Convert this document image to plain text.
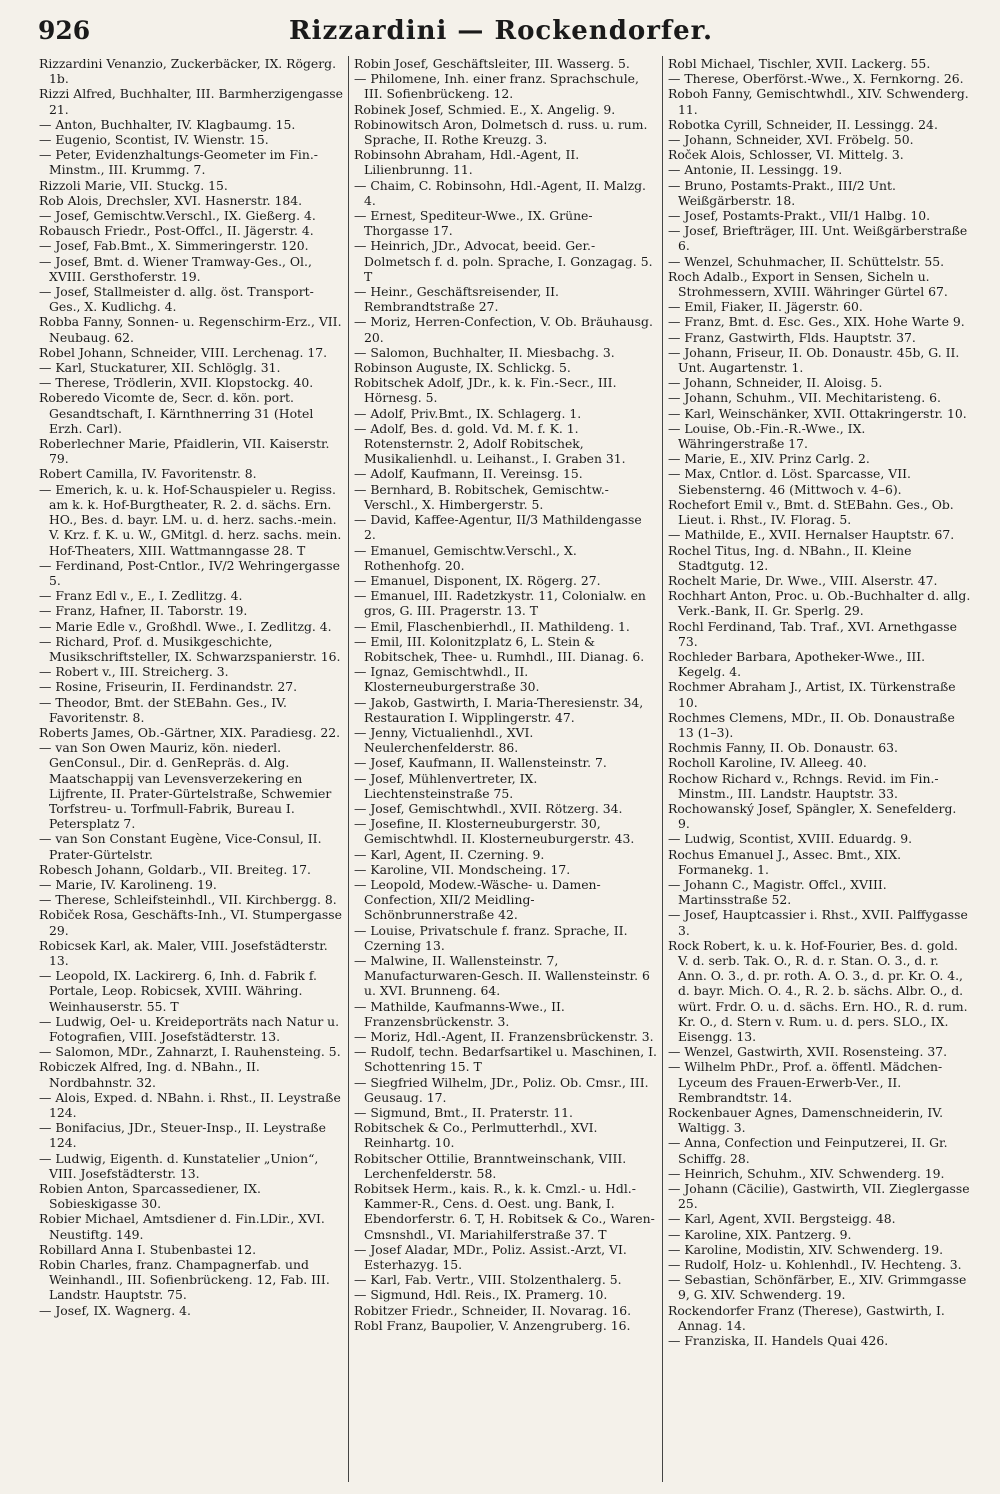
926	Rizzardini — Rockendorfer.

Rizzardini Venanzio, Zuckerbäcker, IX. Rögerg. 1b.

Rizzi Alfred, Buchhalter, III. Barmherzigengasse 21.

— Anton, Buchhalter, IV. Klagbaumg. 15.

— Eugenio, Scontist, IV. Wienstr. 15.

— Peter, Evidenzhaltungs-Geometer im Fin.-Minstm., III. Krummg. 7.

Rizzoli Marie, VII. Stuckg. 15.

Rob Alois, Drechsler, XVI. Hasnerstr. 184.

— Josef, Gemischtw.Verschl., IX. Gießerg. 4.

Robausch Friedr., Post-Offcl., II. Jägerstr. 4.

— Josef, Fab.Bmt., X. Simmeringerstr. 120.

— Josef, Bmt. d. Wiener Tramway-Ges., Ol., XVIII. Gersthoferstr. 19.

— Josef, Stallmeister d. allg. öst. Transport-Ges., X. Kudlichg. 4.

Robba Fanny, Sonnen- u. Regenschirm-Erz., VII. Neubaug. 62.

Robel Johann, Schneider, VIII. Lerchenag. 17.

— Karl, Stuckaturer, XII. Schlöglg. 31.

— Therese, Trödlerin, XVII. Klopstockg. 40.

Roberedo Vicomte de, Secr. d. kön. port. Gesandtschaft, I. Kärnthnerring 31 (Hotel Erzh. Carl).

Roberlechner Marie, Pfaidlerin, VII. Kaiserstr. 79.

Robert Camilla, IV. Favoritenstr. 8.

— Emerich, k. u. k. Hof-Schauspieler u. Regiss. am k. k. Hof-Burgtheater, R. 2. d. sächs. Ern. HO., Bes. d. bayr. LM. u. d. herz. sachs.-mein. V. Krz. f. K. u. W., GMitgl. d. herz. sachs. mein. Hof-Theaters, XIII. Wattmanngasse 28. T

— Ferdinand, Post-Cntlor., IV/2 Wehringergasse 5.

— Franz Edl v., E., I. Zedlitzg. 4.

— Franz, Hafner, II. Taborstr. 19.

— Marie Edle v., Großhdl. Wwe., I. Zedlitzg. 4.

— Richard, Prof. d. Musikgeschichte, Musikschriftsteller, IX. Schwarzspanierstr. 16.

— Robert v., III. Streicherg. 3.

— Rosine, Friseurin, II. Ferdinandstr. 27.

— Theodor, Bmt. der StEBahn. Ges., IV. Favoritenstr. 8.

Roberts James, Ob.-Gärtner, XIX. Paradiesg. 22.

— van Son Owen Mauriz, kön. niederl. GenConsul., Dir. d. GenRepräs. d. Alg. Maatschappij van Levensverzekering en Lijfrente, II. Prater-Gürtelstraße, Schwemier Torfstreu- u. Torfmull-Fabrik, Bureau I. Petersplatz 7.

— van Son Constant Eugène, Vice-Consul, II. Prater-Gürtelstr.

Robesch Johann, Goldarb., VII. Breiteg. 17.

— Marie, IV. Karolineng. 19.

— Therese, Schleifsteinhdl., VII. Kirchbergg. 8.

Robiček Rosa, Geschäfts-Inh., VI. Stumpergasse 29.

Robicsek Karl, ak. Maler, VIII. Josefstädterstr. 13.

— Leopold, IX. Lackirerg. 6, Inh. d. Fabrik f. Portale, Leop. Robicsek, XVIII. Währing. Weinhauserstr. 55. T

— Ludwig, Oel- u. Kreideporträts nach Natur u. Fotografien, VIII. Josefstädterstr. 13.

— Salomon, MDr., Zahnarzt, I. Rauhensteing. 5.

Robiczek Alfred, Ing. d. NBahn., II. Nordbahnstr. 32.

— Alois, Exped. d. NBahn. i. Rhst., II. Leystraße 124.

— Bonifacius, JDr., Steuer-Insp., II. Leystraße 124.

— Ludwig, Eigenth. d. Kunstatelier „Union“, VIII. Josefstädterstr. 13.

Robien Anton, Sparcassediener, IX. Sobieskigasse 30.

Robier Michael, Amtsdiener d. Fin.LDir., XVI. Neustiftg. 149.

Robillard Anna I. Stubenbastei 12.

Robin Charles, franz. Champagnerfab. und Weinhandl., III. Sofienbrückeng. 12, Fab. III. Landstr. Hauptstr. 75.

— Josef, IX. Wagnerg. 4.

Robin Josef, Geschäftsleiter, III. Wasserg. 5.

— Philomene, Inh. einer franz. Sprachschule, III. Sofienbrückeng. 12.

Robinek Josef, Schmied. E., X. Angelig. 9.

Robinowitsch Aron, Dolmetsch d. russ. u. rum. Sprache, II. Rothe Kreuzg. 3.

Robinsohn Abraham, Hdl.-Agent, II. Lilienbrunng. 11.

— Chaim, C. Robinsohn, Hdl.-Agent, II. Malzg. 4.

— Ernest, Spediteur-Wwe., IX. Grüne-Thorgasse 17.

— Heinrich, JDr., Advocat, beeid. Ger.-Dolmetsch f. d. poln. Sprache, I. Gonzagag. 5. T

— Heinr., Geschäftsreisender, II. Rembrandtstraße 27.

— Moriz, Herren-Confection, V. Ob. Bräuhausg. 20.

— Salomon, Buchhalter, II. Miesbachg. 3.

Robinson Auguste, IX. Schlickg. 5.

Robitschek Adolf, JDr., k. k. Fin.-Secr., III. Hörnesg. 5.

— Adolf, Priv.Bmt., IX. Schlagerg. 1.

— Adolf, Bes. d. gold. Vd. M. f. K. 1. Rotensternstr. 2, Adolf Robitschek, Musikalienhdl. u. Leihanst., I. Graben 31.

— Adolf, Kaufmann, II. Vereinsg. 15.

— Bernhard, B. Robitschek, Gemischtw.-Verschl., X. Himbergerstr. 5.

— David, Kaffee-Agentur, II/3 Mathildengasse 2.

— Emanuel, Gemischtw.Verschl., X. Rothenhofg. 20.

— Emanuel, Disponent, IX. Rögerg. 27.

— Emanuel, III. Radetzkystr. 11, Colonialw. en gros, G. III. Pragerstr. 13. T

— Emil, Flaschenbierhdl., II. Mathildeng. 1.

— Emil, III. Kolonitzplatz 6, L. Stein & Robitschek, Thee- u. Rumhdl., III. Dianag. 6.

— Ignaz, Gemischtwhdl., II. Klosterneuburgerstraße 30.

— Jakob, Gastwirth, I. Maria-Theresienstr. 34, Restauration I. Wipplingerstr. 47.

— Jenny, Victualienhdl., XVI. Neulerchenfelderstr. 86.

— Josef, Kaufmann, II. Wallensteinstr. 7.

— Josef, Mühlenvertreter, IX. Liechtensteinstraße 75.

— Josef, Gemischtwhdl., XVII. Rötzerg. 34.

— Josefine, II. Klosterneuburgerstr. 30, Gemischtwhdl. II. Klosterneuburgerstr. 43.

— Karl, Agent, II. Czerning. 9.

— Karoline, VII. Mondscheing. 17.

— Leopold, Modew.-Wäsche- u. Damen-Confection, XII/2 Meidling-Schönbrunnerstraße 42.

— Louise, Privatschule f. franz. Sprache, II. Czerning 13.

— Malwine, II. Wallensteinstr. 7, Manufacturwaren-Gesch. II. Wallensteinstr. 6 u. XVI. Brunneng. 64.

— Mathilde, Kaufmanns-Wwe., II. Franzensbrückenstr. 3.

— Moriz, Hdl.-Agent, II. Franzensbrückenstr. 3.

— Rudolf, techn. Bedarfsartikel u. Maschinen, I. Schottenring 15. T

— Siegfried Wilhelm, JDr., Poliz. Ob. Cmsr., III. Geusaug. 17.

— Sigmund, Bmt., II. Praterstr. 11.

Robitschek & Co., Perlmutterhdl., XVI. Reinhartg. 10.

Robitscher Ottilie, Branntweinschank, VIII. Lerchenfelderstr. 58.

Robitsek Herm., kais. R., k. k. Cmzl.- u. Hdl.-Kammer-R., Cens. d. Oest. ung. Bank, I. Ebendorferstr. 6. T, H. Robitsek & Co., Waren-Cmsnshdl., VI. Mariahilferstraße 37. T

— Josef Aladar, MDr., Poliz. Assist.-Arzt, VI. Esterhazyg. 15.

— Karl, Fab. Vertr., VIII. Stolzenthalerg. 5.

— Sigmund, Hdl. Reis., IX. Pramerg. 10.

Robitzer Friedr., Schneider, II. Novarag. 16.

Robl Franz, Baupolier, V. Anzengruberg. 16.

Robl Michael, Tischler, XVII. Lackerg. 55.

— Therese, Oberförst.-Wwe., X. Fernkorng. 26.

Roboh Fanny, Gemischtwhdl., XIV. Schwenderg. 11.

Robotka Cyrill, Schneider, II. Lessingg. 24.

— Johann, Schneider, XVI. Fröbelg. 50.

Roček Alois, Schlosser, VI. Mittelg. 3.

— Antonie, II. Lessingg. 19.

— Bruno, Postamts-Prakt., III/2 Unt. Weißgärberstr. 18.

— Josef, Postamts-Prakt., VII/1 Halbg. 10.

— Josef, Briefträger, III. Unt. Weißgärberstraße 6.

— Wenzel, Schuhmacher, II. Schüttelstr. 55.

Roch Adalb., Export in Sensen, Sicheln u. Strohmessern, XVIII. Währinger Gürtel 67.

— Emil, Fiaker, II. Jägerstr. 60.

— Franz, Bmt. d. Esc. Ges., XIX. Hohe Warte 9.

— Franz, Gastwirth, Flds. Hauptstr. 37.

— Johann, Friseur, II. Ob. Donaustr. 45b, G. II. Unt. Augartenstr. 1.

— Johann, Schneider, II. Aloisg. 5.

— Johann, Schuhm., VII. Mechitaristeng. 6.

— Karl, Weinschänker, XVII. Ottakringerstr. 10.

— Louise, Ob.-Fin.-R.-Wwe., IX. Währingerstraße 17.

— Marie, E., XIV. Prinz Carlg. 2.

— Max, Cntlor. d. Löst. Sparcasse, VII. Siebensterng. 46 (Mittwoch v. 4–6).

Rochefort Emil v., Bmt. d. StEBahn. Ges., Ob. Lieut. i. Rhst., IV. Florag. 5.

— Mathilde, E., XVII. Hernalser Hauptstr. 67.

Rochel Titus, Ing. d. NBahn., II. Kleine Stadtgutg. 12.

Rochelt Marie, Dr. Wwe., VIII. Alserstr. 47.

Rochhart Anton, Proc. u. Ob.-Buchhalter d. allg. Verk.-Bank, II. Gr. Sperlg. 29.

Rochl Ferdinand, Tab. Traf., XVI. Arnethgasse 73.

Rochleder Barbara, Apotheker-Wwe., III. Kegelg. 4.

Rochmer Abraham J., Artist, IX. Türkenstraße 10.

Rochmes Clemens, MDr., II. Ob. Donaustraße 13 (1–3).

Rochmis Fanny, II. Ob. Donaustr. 63.

Rocholl Karoline, IV. Alleeg. 40.

Rochow Richard v., Rchngs. Revid. im Fin.-Minstm., III. Landstr. Hauptstr. 33.

Rochowanský Josef, Spängler, X. Senefelderg. 9.

— Ludwig, Scontist, XVIII. Eduardg. 9.

Rochus Emanuel J., Assec. Bmt., XIX. Formanekg. 1.

— Johann C., Magistr. Offcl., XVIII. Martinsstraße 52.

— Josef, Hauptcassier i. Rhst., XVII. Palffygasse 3.

Rock Robert, k. u. k. Hof-Fourier, Bes. d. gold. V. d. serb. Tak. O., R. d. r. Stan. O. 3., d. r. Ann. O. 3., d. pr. roth. A. O. 3., d. pr. Kr. O. 4., d. bayr. Mich. O. 4., R. 2. b. sächs. Albr. O., d. würt. Frdr. O. u. d. sächs. Ern. HO., R. d. rum. Kr. O., d. Stern v. Rum. u. d. pers. SLO., IX. Eisengg. 13.

— Wenzel, Gastwirth, XVII. Rosensteing. 37.

— Wilhelm PhDr., Prof. a. öffentl. Mädchen-Lyceum des Frauen-Erwerb-Ver., II. Rembrandtstr. 14.

Rockenbauer Agnes, Damenschneiderin, IV. Waltigg. 3.

— Anna, Confection und Feinputzerei, II. Gr. Schiffg. 28.

— Heinrich, Schuhm., XIV. Schwenderg. 19.

— Johann (Cäcilie), Gastwirth, VII. Zieglergasse 25.

— Karl, Agent, XVII. Bergsteigg. 48.

— Karoline, XIX. Pantzerg. 9.

— Karoline, Modistin, XIV. Schwenderg. 19.

— Rudolf, Holz- u. Kohlenhdl., IV. Hechteng. 3.

— Sebastian, Schönfärber, E., XIV. Grimmgasse 9, G. XIV. Schwenderg. 19.

Rockendorfer Franz (Therese), Gastwirth, I. Annag. 14.

— Franziska, II. Handels Quai 426.
